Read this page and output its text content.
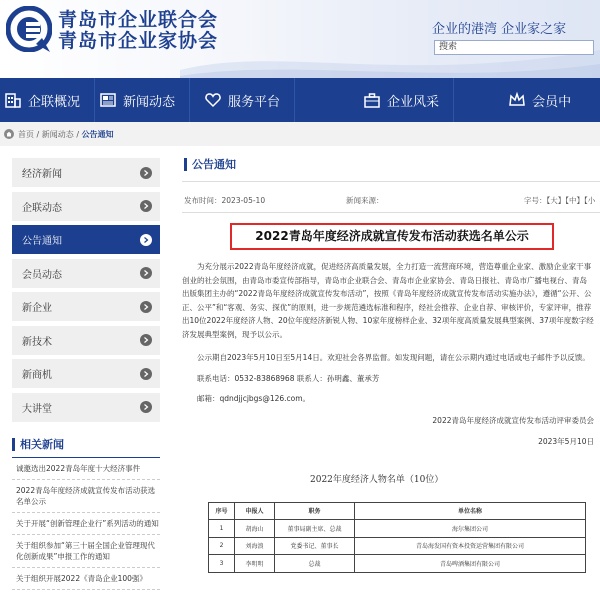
青岛市企业联合会
青岛市企业家协会
企业的港湾 企业家之家
搜索
企联概况	新闻动态	服务平台	企业风采	会员中
首页 / 新闻动态 / 公告通知
经济新闻
企联动态
公告通知
会员动态
新企业
新技术
新商机
大讲堂
相关新闻
诚邀选出2022青岛年度十大经济事件
2022青岛年度经济成就宣传发布活动获选名单公示
关于开展“创新管理企业行”系列活动的通知
关于组织参加“第三十届全国企业管理现代化创新成果”申报工作的通知
关于组织开展2022《青岛企业100强》
公告通知
发布时间：2023-05-10	新闻来源：	字号：【大】【中】【小
2022青岛年度经济成就宣传发布活动获选名单公示
为充分展示2022青岛年度经济成就，促进经济高质量发展，全力打造一流营商环境，营造尊重企业家、激励企业家干事创业的社会氛围，由青岛市委宣传部指导，青岛市企业联合会、青岛市企业家协会、青岛日报社、青岛市广播电视台、青岛出版集团主办的“2022青岛年度经济成就宣传发布活动”，按照《青岛年度经济成就宣传发布活动实施办法》，遵循“公开、公正、公平”和“客观、务实、探优”的原则，进一步规范遴选标准和程序，经社会推荐、企业自荐、审核评价，专家评审，推荐出10位2022年度经济人物、20位年度经济新锐人物、10家年度榜样企业、32项年度高质量发展典型案例、37项年度数字经济发展典型案例，现予以公示。
公示期自2023年5月10日至5月14日。欢迎社会各界监督。如发现问题，请在公示期内通过电话或电子邮件予以反馈。
联系电话：0532-83868968 联系人：孙明鑫、董承芳
邮箱：qdndjjcjbgs@126.com。
2022青岛年度经济成就宣传发布活动评审委员会
2023年5月10日
2022年度经济人物名单（10位）
序号	申报人	职务	单位名称
1	胡海山	董事局副主席、总裁	海尔集团公司
2	刘海浪	党委书记、董事长	青岛海发国有资本投资运营集团有限公司
3	李明明	总裁	青岛啤酒集团有限公司
